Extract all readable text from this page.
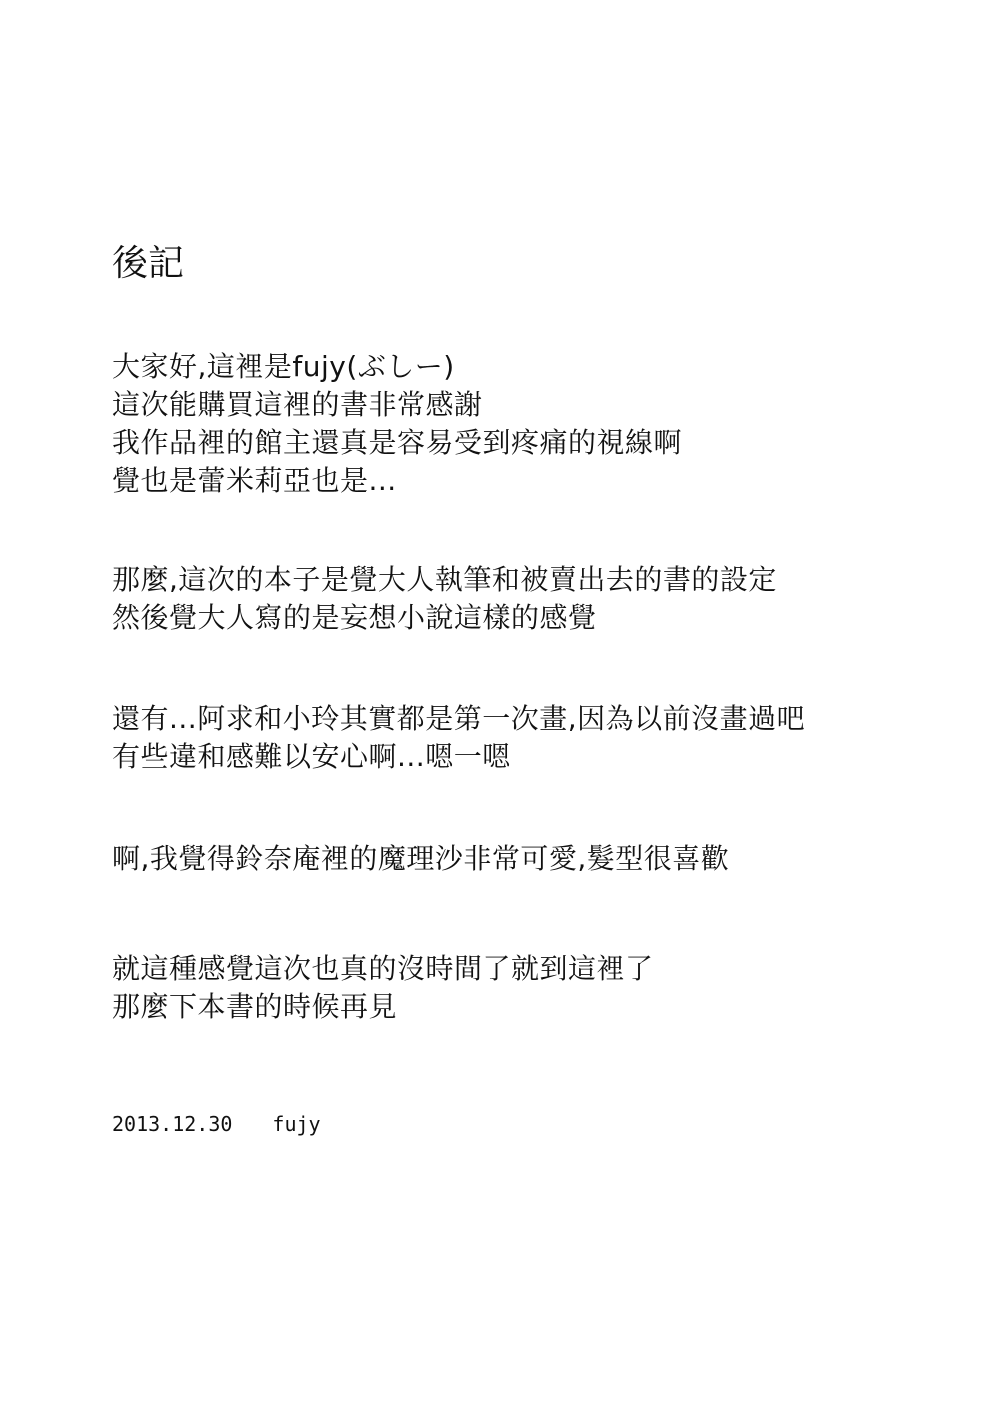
後記
大家好,這裡是fujy(ぶしー)
這次能購買這裡的書非常感謝
我作品裡的館主還真是容易受到疼痛的視線啊
覺也是蕾米莉亞也是...
那麼,這次的本子是覺大人執筆和被賣出去的書的設定
然後覺大人寫的是妄想小說這樣的感覺
還有...阿求和小玲其實都是第一次畫,因為以前沒畫過吧
有些違和感難以安心啊...嗯一嗯
啊,我覺得鈴奈庵裡的魔理沙非常可愛,髮型很喜歡
就這種感覺這次也真的沒時間了就到這裡了
那麼下本書的時候再見
2013.12.30 fujy
